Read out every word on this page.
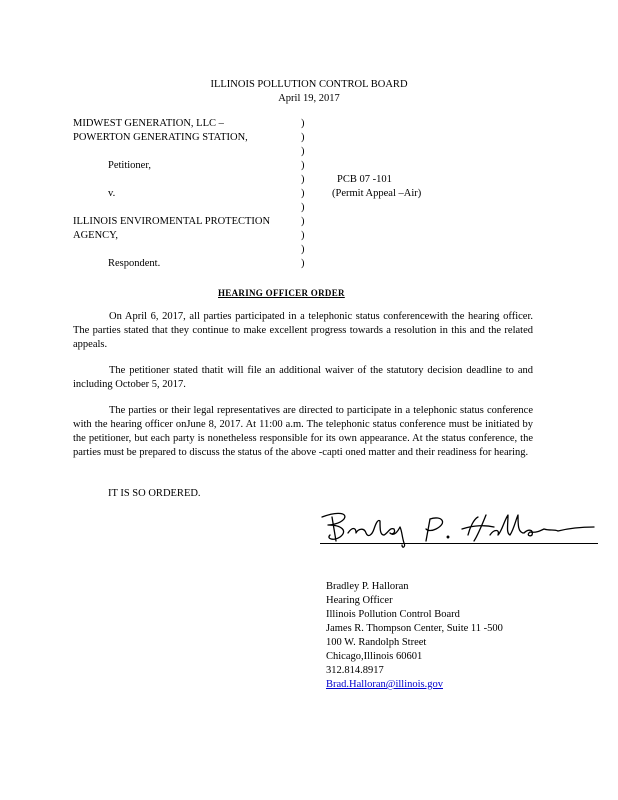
ILLINOIS POLLUTION CONTROL BOARD
April 19, 2017
MIDWEST GENERATION, LLC –
POWERTON GENERATING STATION,
Petitioner,
v.
ILLINOIS ENVIROMENTAL PROTECTION
AGENCY,
Respondent.
)
)
)
)
)
)
)
)
)
)
)
PCB 07 -101
(Permit Appeal –Air)
HEARING OFFICER ORDER
On April 6, 2017, all parties participated in a telephonic status conferencewith the hearing officer. The parties stated that they continue to make excellent progress towards a resolution in this and the related appeals.
The petitioner stated thatit will file an additional waiver of the statutory decision deadline to and including October 5, 2017.
The parties or their legal representatives are directed to participate in a telephonic status conference with the hearing officer onJune 8, 2017. At 11:00 a.m. The telephonic status conference must be initiated by the petitioner, but each party is nonetheless responsible for its own appearance. At the status conference, the parties must be prepared to discuss the status of the above -capti oned matter and their readiness for hearing.
IT IS SO ORDERED.
Bradley P. Halloran
Hearing Officer
Illinois Pollution Control Board
James R. Thompson Center, Suite 11 -500
100 W. Randolph Street
Chicago,Illinois 60601
312.814.8917
Brad.Halloran@illinois.gov
